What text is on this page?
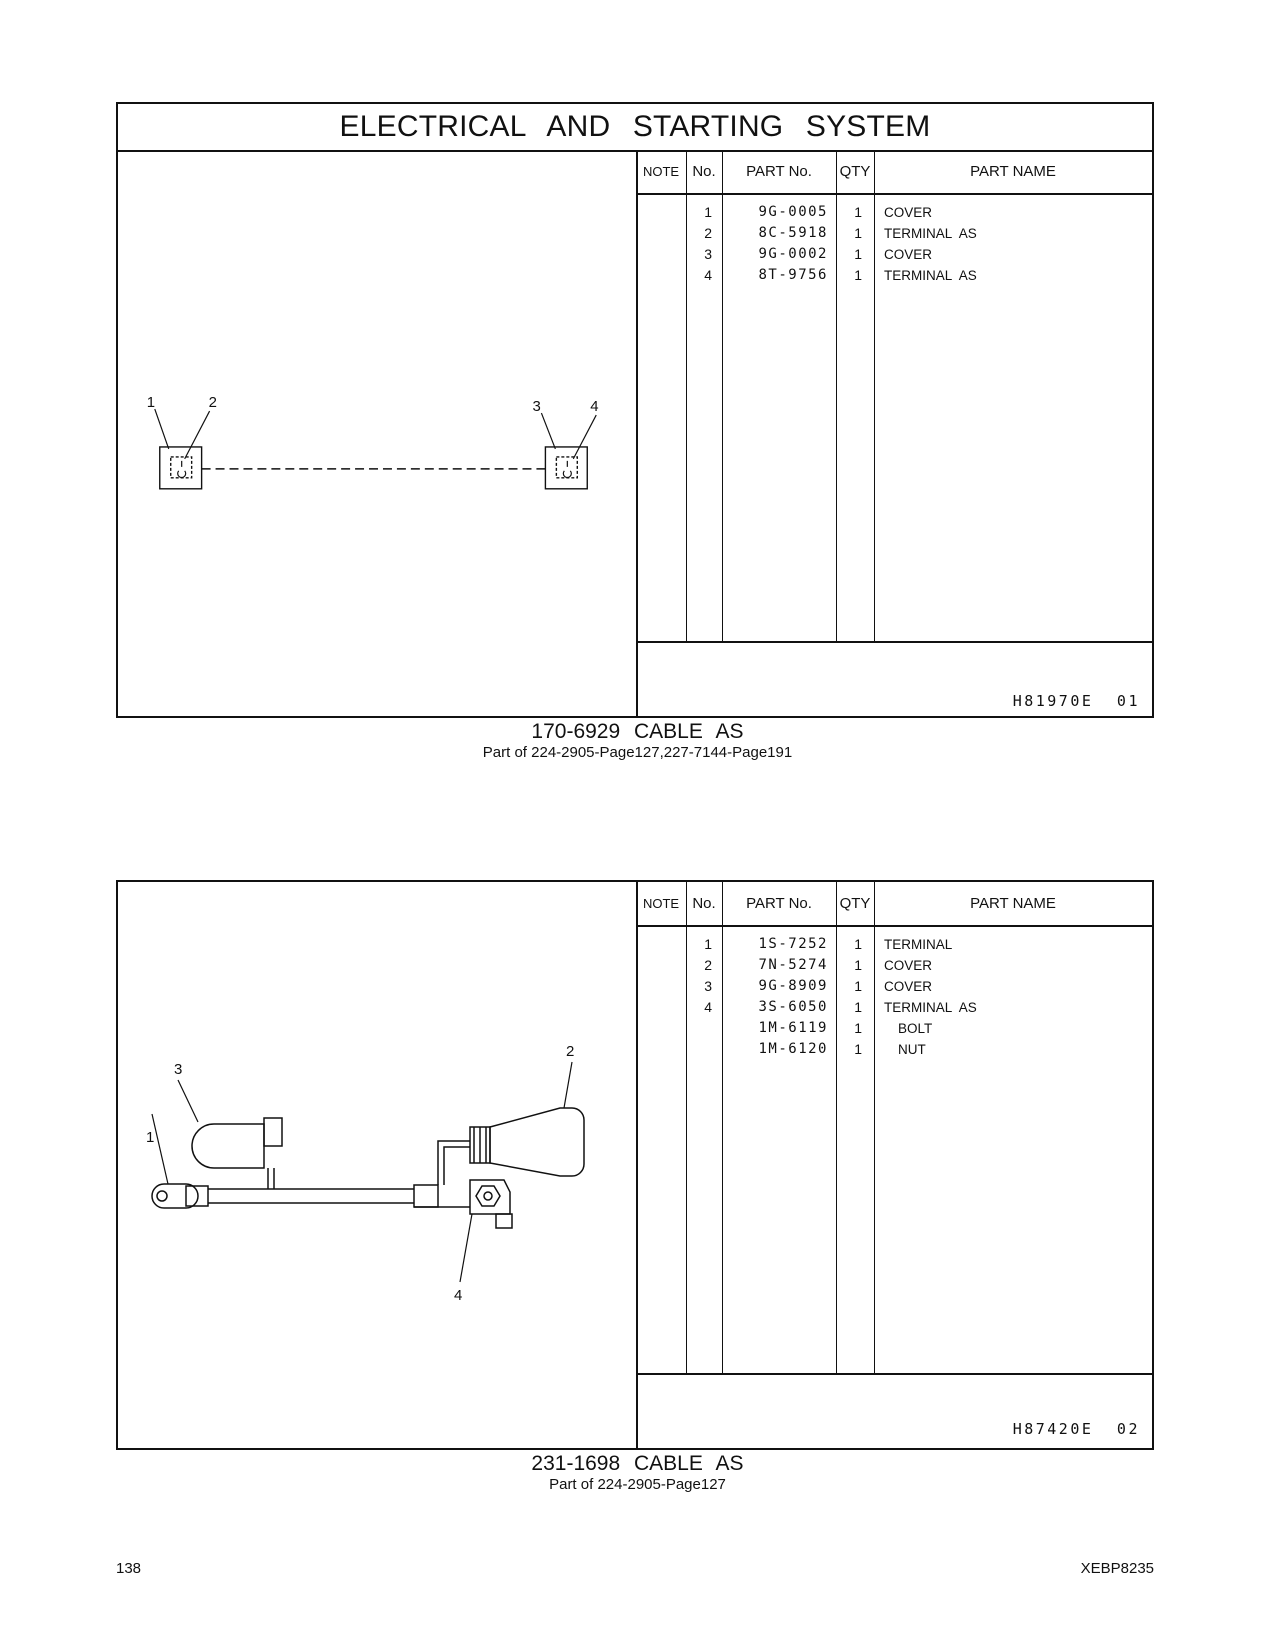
ELECTRICAL AND STARTING SYSTEM
1	2	3	4
NOTE No.	PART No.	QTY	PART NAME
1	9G-0005	1 COVER
2	8C-5918	1 TERMINAL AS
3	9G-0002	1 COVER
4	8T-9756	1 TERMINAL AS
H81970E 01
170-6929 CABLE AS
Part of 224-2905-Page127,227-7144-Page191
1
2
3
4
NOTE No.	PART No.	QTY	PART NAME
1	1S-7252	1 TERMINAL
2	7N-5274	1 COVER
3	9G-8909	1 COVER
4	3S-6050	1 TERMINAL AS
1M-6119	1	BOLT
1M-6120	1	NUT
H87420E 02
231-1698 CABLE AS
Part of 224-2905-Page127
138	XEBP8235
